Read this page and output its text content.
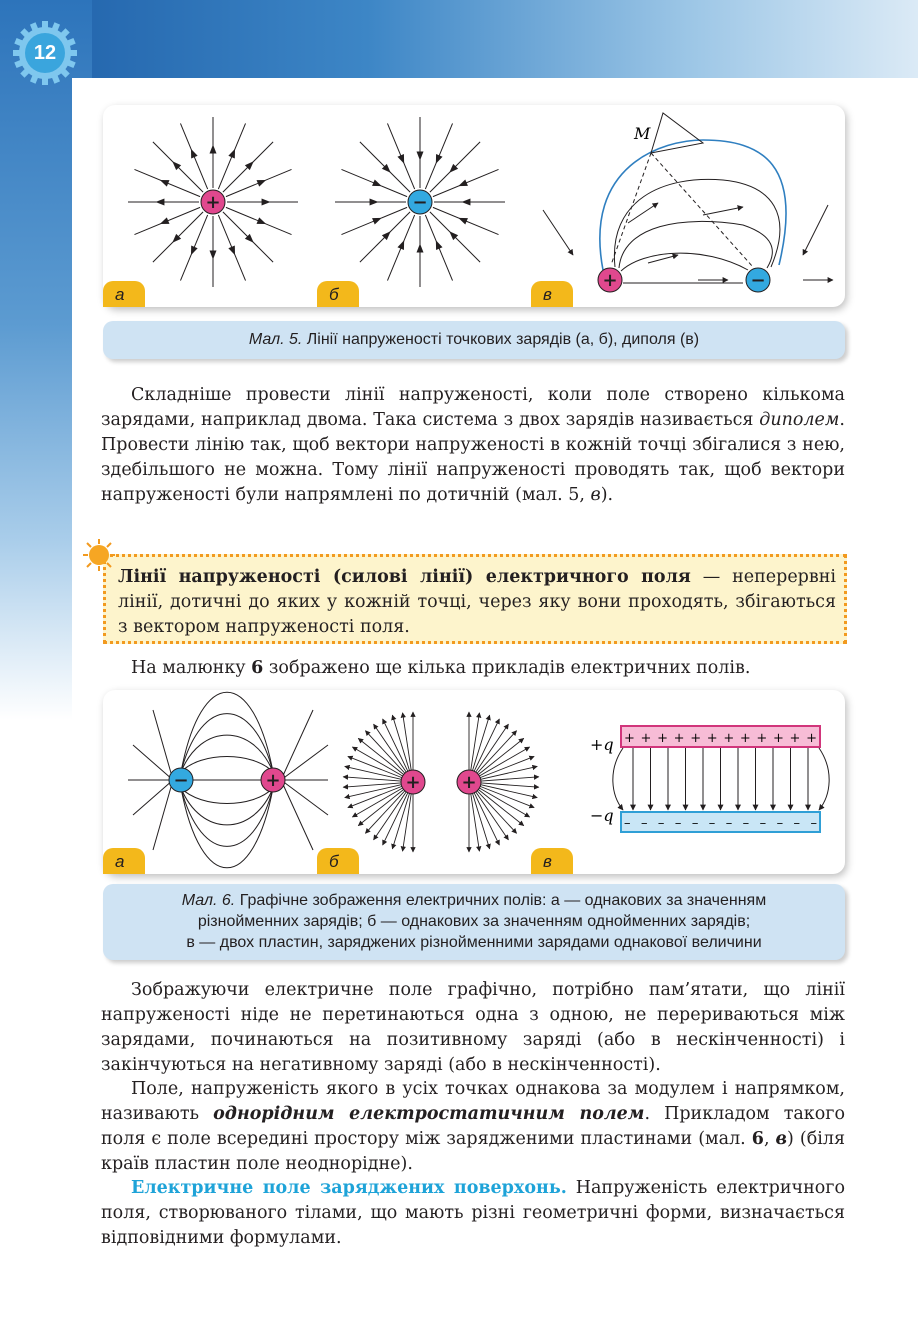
12
+	−
M
+	−
а	б	в
Мал. 5. Лінії напруженості точкових зарядів (а, б), диполя (в)

Складніше провести лінії напруженості, коли поле створено кількома зарядами, наприклад двома. Така система з двох зарядів називається диполем. Провести лінію так, щоб вектори напруженості в кожній точці збігалися з нею, здебільшого не можна. Тому лінії напруженості проводять так, щоб вектори напруженості були напрямлені по дотичній (мал. 5, в).

Лінії напруженості (силові лінії) електричного поля — неперервні лінії, дотичні до яких у кожній точці, через яку вони проходять, збігаються з вектором напруженості поля.

На малюнку 6 зображено ще кілька прикладів електричних полів.

−	+	+ +
+q
−q
+ + + + + + + + + + + +
– – – – – – – – – – – –
а	б	в
Мал. 6. Графічне зображення електричних полів: а — однакових за значенням
різнойменних зарядів; б — однакових за значенням однойменних зарядів;
в — двох пластин, заряджених різнойменними зарядами однакової величини

Зображуючи електричне поле графічно, потрібно пам’ятати, що лінії напруженості ніде не перетинаються одна з одною, не перериваються між зарядами, починаються на позитивному заряді (або в нескінченності) і закінчуються на негативному заряді (або в нескінченності).

Поле, напруженість якого в усіх точках однакова за модулем і напрямком, називають однорідним електростатичним полем. Прикладом такого поля є поле всередині простору між зарядженими пластинами (мал. 6, в) (біля країв пластин поле неоднорідне).

Електричне поле заряджених поверхонь. Напруженість електричного поля, створюваного тілами, що мають різні геометричні форми, визначається відповідними формулами.
